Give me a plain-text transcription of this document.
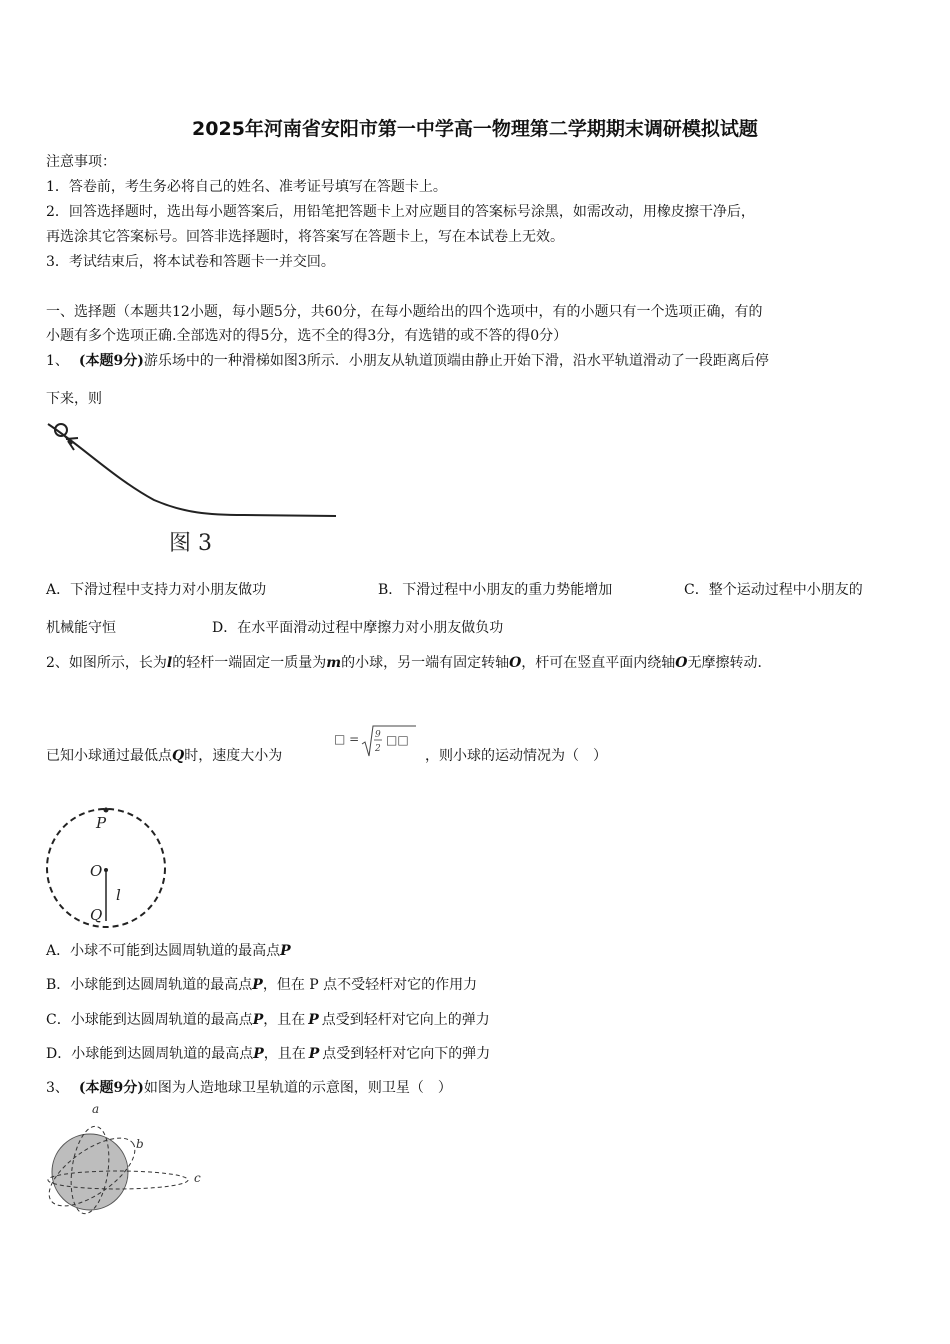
2025年河南省安阳市第一中学高一物理第二学期期末调研模拟试题
注意事项：
1．答卷前，考生务必将自己的姓名、准考证号填写在答题卡上。
2．回答选择题时，选出每小题答案后，用铅笔把答题卡上对应题目的答案标号涂黑，如需改动，用橡皮擦干净后，
再选涂其它答案标号。回答非选择题时，将答案写在答题卡上，写在本试卷上无效。
3．考试结束后，将本试卷和答题卡一并交回。
一、选择题（本题共12小题，每小题5分，共60分，在每小题给出的四个选项中，有的小题只有一个选项正确，有的
小题有多个选项正确.全部选对的得5分，选不全的得3分，有选错的或不答的得0分）
1、 (本题9分)游乐场中的一种滑梯如图3所示．小朋友从轨道顶端由静止开始下滑，沿水平轨道滑动了一段距离后停
下来，则
图 3
A．下滑过程中支持力对小朋友做功	B．下滑过程中小朋友的重力势能增加	C．整个运动过程中小朋友的
机械能守恒	D．在水平面滑动过程中摩擦力对小朋友做负功
2、如图所示，长为l的轻杆一端固定一质量为m的小球，另一端有固定转轴O，杆可在竖直平面内绕轴O无摩擦转动．
已知小球通过最低点Q时，速度大小为
□ = 9
2
□□
，则小球的运动情况为（　）
P
O
l
Q
A．小球不可能到达圆周轨道的最高点P
B．小球能到达圆周轨道的最高点P，但在 P 点不受轻杆对它的作用力
C．小球能到达圆周轨道的最高点P，且在 P 点受到轻杆对它向上的弹力
D．小球能到达圆周轨道的最高点P，且在 P 点受到轻杆对它向下的弹力
3、 (本题9分)如图为人造地球卫星轨道的示意图，则卫星（　）
a
b
c
